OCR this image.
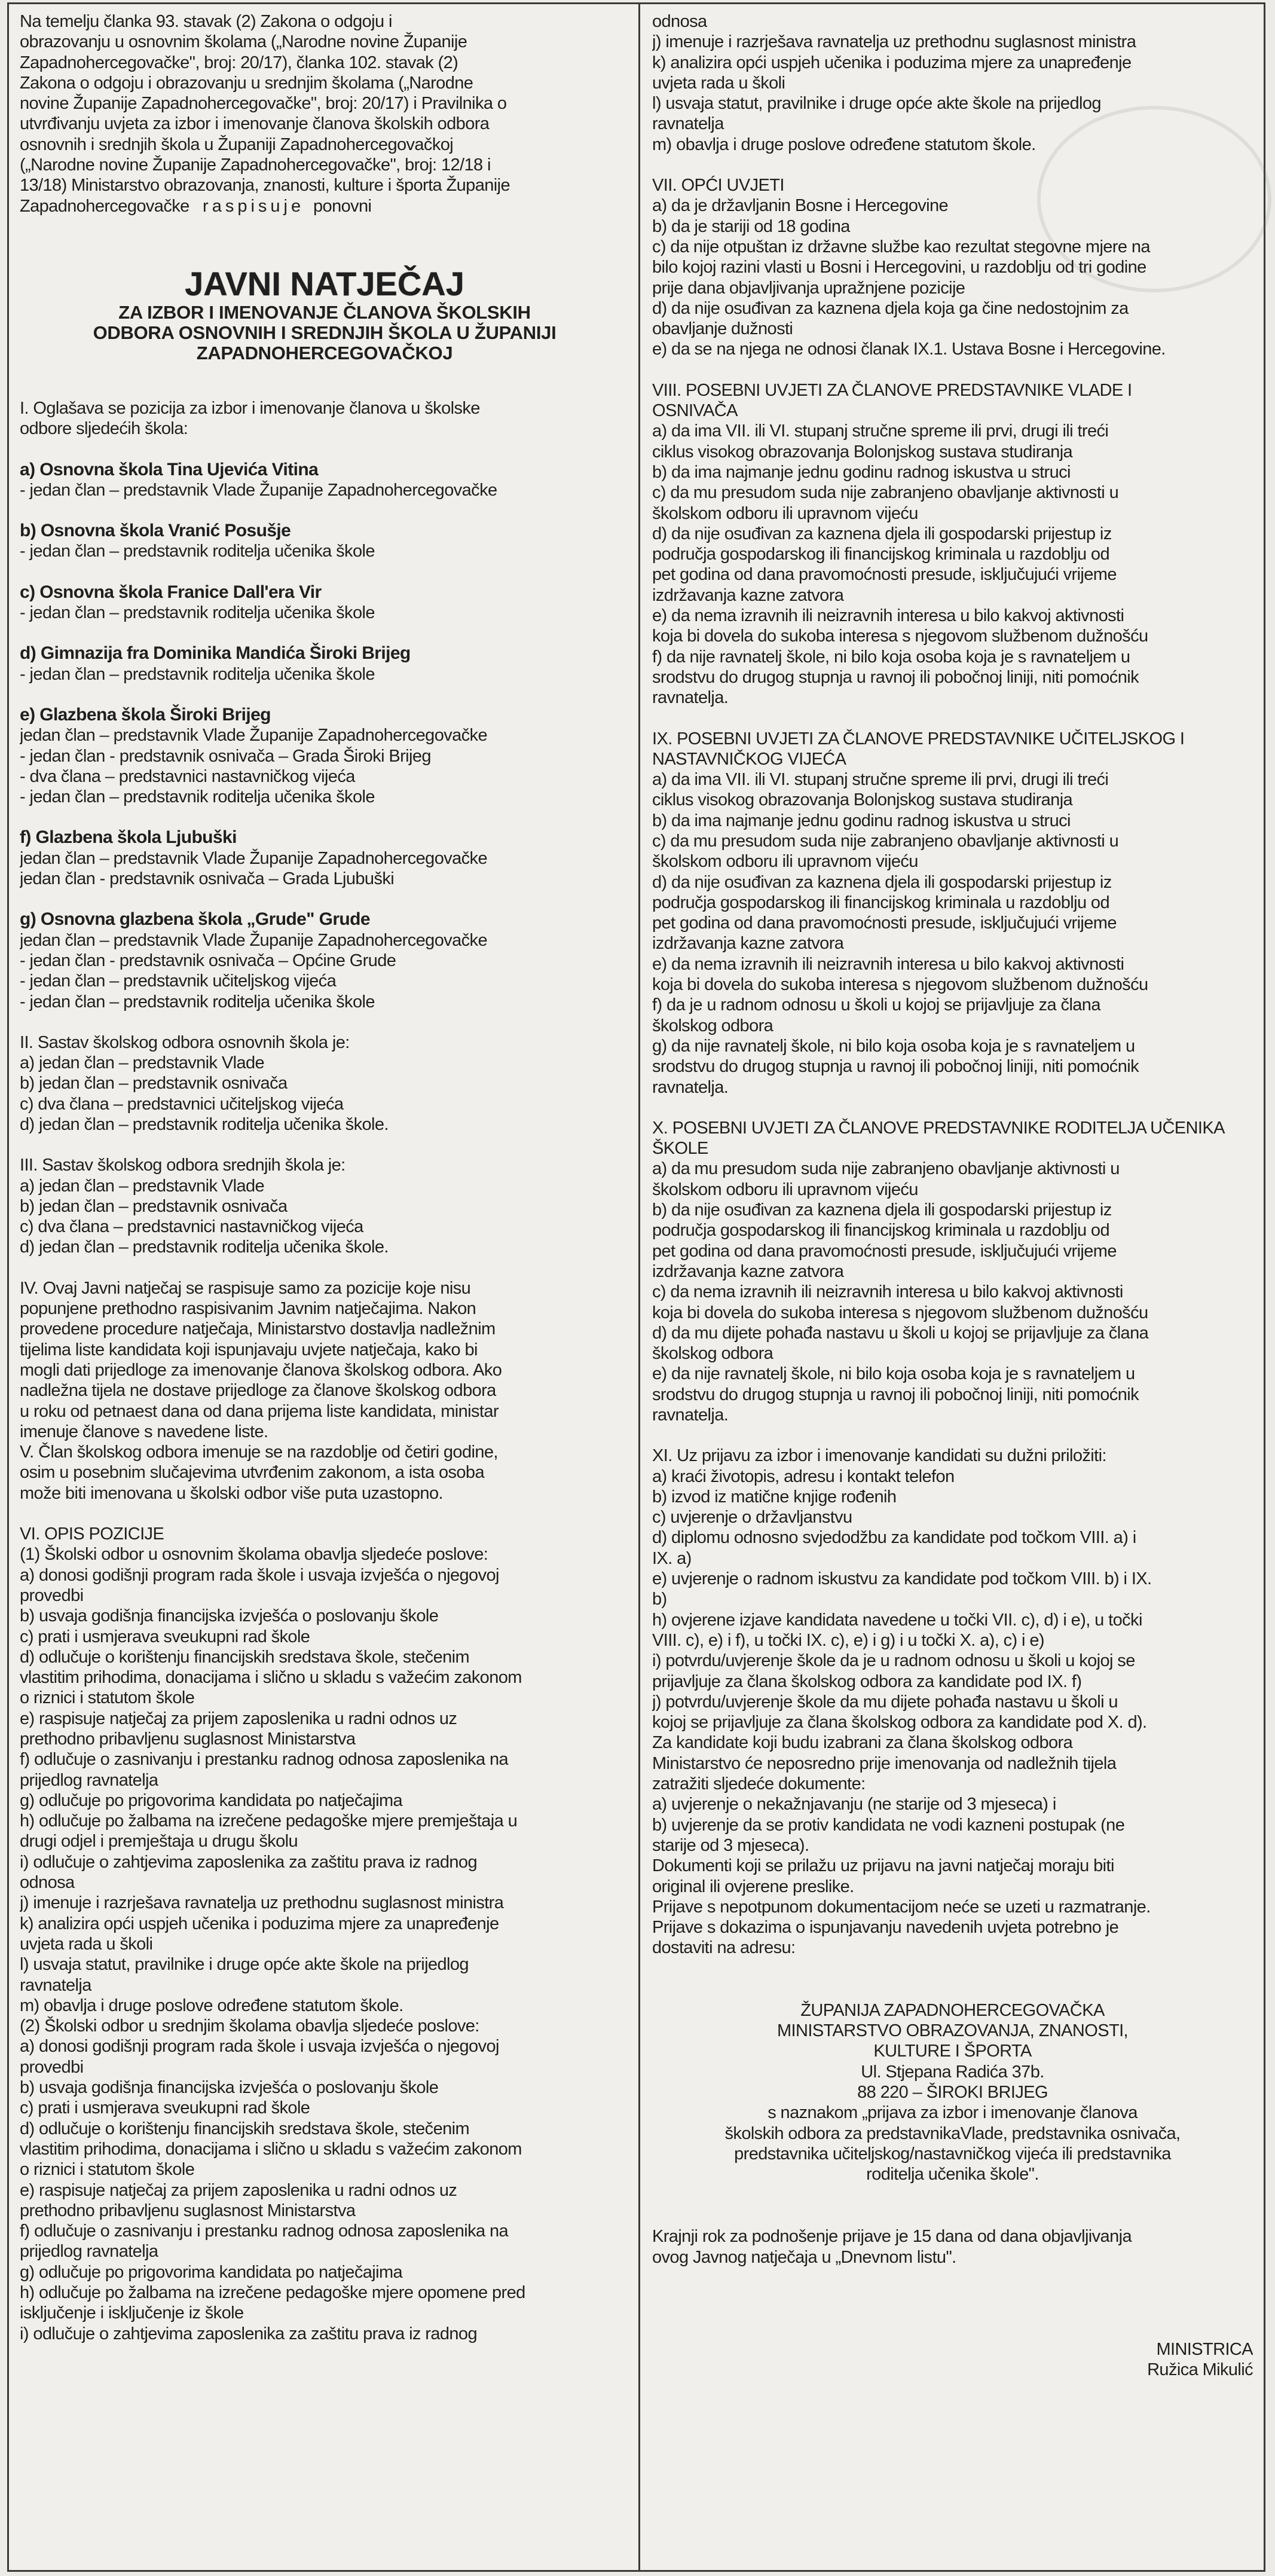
Na temelju članka 93. stavak (2) Zakona o odgoju i

obrazovanju u osnovnim školama („Narodne novine Županije

Zapadnohercegovačke", broj: 20/17), članka 102. stavak (2)

Zakona o odgoju i obrazovanju u srednjim školama („Narodne

novine Županije Zapadnohercegovačke", broj: 20/17) i Pravilnika o

utvrđivanju uvjeta za izbor i imenovanje članova školskih odbora

osnovnih i srednjih škola u Županiji Zapadnohercegovačkoj

(„Narodne novine Županije Zapadnohercegovačke", broj: 12/18 i

13/18) Ministarstvo obrazovanja, znanosti, kulture i športa Županije

Zapadnohercegovačke raspisuje ponovni

JAVNI NATJEČAJ

ZA IZBOR I IMENOVANJE ČLANOVA ŠKOLSKIH

ODBORA OSNOVNIH I SREDNJIH ŠKOLA U ŽUPANIJI

ZAPADNOHERCEGOVAČKOJ

I. Oglašava se pozicija za izbor i imenovanje članova u školske

odbore sljedećih škola:

a) Osnovna škola Tina Ujevića Vitina

- jedan član – predstavnik Vlade Županije Zapadnohercegovačke

b) Osnovna škola Vranić Posušje

- jedan član – predstavnik roditelja učenika škole

c) Osnovna škola Franice Dall'era Vir

- jedan član – predstavnik roditelja učenika škole

d) Gimnazija fra Dominika Mandića Široki Brijeg

- jedan član – predstavnik roditelja učenika škole

e) Glazbena škola Široki Brijeg

jedan član – predstavnik Vlade Županije Zapadnohercegovačke

- jedan član - predstavnik osnivača – Grada Široki Brijeg

- dva člana – predstavnici nastavničkog vijeća

- jedan član – predstavnik roditelja učenika škole

f) Glazbena škola Ljubuški

jedan član – predstavnik Vlade Županije Zapadnohercegovačke

jedan član - predstavnik osnivača – Grada Ljubuški

g) Osnovna glazbena škola „Grude" Grude

jedan član – predstavnik Vlade Županije Zapadnohercegovačke

- jedan član - predstavnik osnivača – Općine Grude

- jedan član – predstavnik učiteljskog vijeća

- jedan član – predstavnik roditelja učenika škole

II. Sastav školskog odbora osnovnih škola je:

a) jedan član – predstavnik Vlade

b) jedan član – predstavnik osnivača

c) dva člana – predstavnici učiteljskog vijeća

d) jedan član – predstavnik roditelja učenika škole.

III. Sastav školskog odbora srednjih škola je:

a) jedan član – predstavnik Vlade

b) jedan član – predstavnik osnivača

c) dva člana – predstavnici nastavničkog vijeća

d) jedan član – predstavnik roditelja učenika škole.

IV. Ovaj Javni natječaj se raspisuje samo za pozicije koje nisu

popunjene prethodno raspisivanim Javnim natječajima. Nakon

provedene procedure natječaja, Ministarstvo dostavlja nadležnim

tijelima liste kandidata koji ispunjavaju uvjete natječaja, kako bi

mogli dati prijedloge za imenovanje članova školskog odbora. Ako

nadležna tijela ne dostave prijedloge za članove školskog odbora

u roku od petnaest dana od dana prijema liste kandidata, ministar

imenuje članove s navedene liste.

V. Član školskog odbora imenuje se na razdoblje od četiri godine,

osim u posebnim slučajevima utvrđenim zakonom, a ista osoba

može biti imenovana u školski odbor više puta uzastopno.

VI. OPIS POZICIJE

(1) Školski odbor u osnovnim školama obavlja sljedeće poslove:

a) donosi godišnji program rada škole i usvaja izvješća o njegovoj

provedbi

b) usvaja godišnja financijska izvješća o poslovanju škole

c) prati i usmjerava sveukupni rad škole

d) odlučuje o korištenju financijskih sredstava škole, stečenim

vlastitim prihodima, donacijama i slično u skladu s važećim zakonom

o riznici i statutom škole

e) raspisuje natječaj za prijem zaposlenika u radni odnos uz

prethodno pribavljenu suglasnost Ministarstva

f) odlučuje o zasnivanju i prestanku radnog odnosa zaposlenika na

prijedlog ravnatelja

g) odlučuje po prigovorima kandidata po natječajima

h) odlučuje po žalbama na izrečene pedagoške mjere premještaja u

drugi odjel i premještaja u drugu školu

i) odlučuje o zahtjevima zaposlenika za zaštitu prava iz radnog

odnosa

j) imenuje i razrješava ravnatelja uz prethodnu suglasnost ministra

k) analizira opći uspjeh učenika i poduzima mjere za unapređenje

uvjeta rada u školi

l) usvaja statut, pravilnike i druge opće akte škole na prijedlog

ravnatelja

m) obavlja i druge poslove određene statutom škole.

(2) Školski odbor u srednjim školama obavlja sljedeće poslove:

a) donosi godišnji program rada škole i usvaja izvješća o njegovoj

provedbi

b) usvaja godišnja financijska izvješća o poslovanju škole

c) prati i usmjerava sveukupni rad škole

d) odlučuje o korištenju financijskih sredstava škole, stečenim

vlastitim prihodima, donacijama i slično u skladu s važećim zakonom

o riznici i statutom škole

e) raspisuje natječaj za prijem zaposlenika u radni odnos uz

prethodno pribavljenu suglasnost Ministarstva

f) odlučuje o zasnivanju i prestanku radnog odnosa zaposlenika na

prijedlog ravnatelja

g) odlučuje po prigovorima kandidata po natječajima

h) odlučuje po žalbama na izrečene pedagoške mjere opomene pred

isključenje i isključenje iz škole

i) odlučuje o zahtjevima zaposlenika za zaštitu prava iz radnog

odnosa

j) imenuje i razrješava ravnatelja uz prethodnu suglasnost ministra

k) analizira opći uspjeh učenika i poduzima mjere za unapređenje

uvjeta rada u školi

l) usvaja statut, pravilnike i druge opće akte škole na prijedlog

ravnatelja

m) obavlja i druge poslove određene statutom škole.

VII. OPĆI UVJETI

a) da je državljanin Bosne i Hercegovine

b) da je stariji od 18 godina

c) da nije otpuštan iz državne službe kao rezultat stegovne mjere na

bilo kojoj razini vlasti u Bosni i Hercegovini, u razdoblju od tri godine

prije dana objavljivanja upražnjene pozicije

d) da nije osuđivan za kaznena djela koja ga čine nedostojnim za

obavljanje dužnosti

e) da se na njega ne odnosi članak IX.1. Ustava Bosne i Hercegovine.

VIII. POSEBNI UVJETI ZA ČLANOVE PREDSTAVNIKE VLADE I

OSNIVAČA

a) da ima VII. ili VI. stupanj stručne spreme ili prvi, drugi ili treći

ciklus visokog obrazovanja Bolonjskog sustava studiranja

b) da ima najmanje jednu godinu radnog iskustva u struci

c) da mu presudom suda nije zabranjeno obavljanje aktivnosti u

školskom odboru ili upravnom vijeću

d) da nije osuđivan za kaznena djela ili gospodarski prijestup iz

područja gospodarskog ili financijskog kriminala u razdoblju od

pet godina od dana pravomoćnosti presude, isključujući vrijeme

izdržavanja kazne zatvora

e) da nema izravnih ili neizravnih interesa u bilo kakvoj aktivnosti

koja bi dovela do sukoba interesa s njegovom službenom dužnošću

f) da nije ravnatelj škole, ni bilo koja osoba koja je s ravnateljem u

srodstvu do drugog stupnja u ravnoj ili pobočnoj liniji, niti pomoćnik

ravnatelja.

IX. POSEBNI UVJETI ZA ČLANOVE PREDSTAVNIKE UČITELJSKOG I

NASTAVNIČKOG VIJEĆA

a) da ima VII. ili VI. stupanj stručne spreme ili prvi, drugi ili treći

ciklus visokog obrazovanja Bolonjskog sustava studiranja

b) da ima najmanje jednu godinu radnog iskustva u struci

c) da mu presudom suda nije zabranjeno obavljanje aktivnosti u

školskom odboru ili upravnom vijeću

d) da nije osuđivan za kaznena djela ili gospodarski prijestup iz

područja gospodarskog ili financijskog kriminala u razdoblju od

pet godina od dana pravomoćnosti presude, isključujući vrijeme

izdržavanja kazne zatvora

e) da nema izravnih ili neizravnih interesa u bilo kakvoj aktivnosti

koja bi dovela do sukoba interesa s njegovom službenom dužnošću

f) da je u radnom odnosu u školi u kojoj se prijavljuje za člana

školskog odbora

g) da nije ravnatelj škole, ni bilo koja osoba koja je s ravnateljem u

srodstvu do drugog stupnja u ravnoj ili pobočnoj liniji, niti pomoćnik

ravnatelja.

X. POSEBNI UVJETI ZA ČLANOVE PREDSTAVNIKE RODITELJA UČENIKA

ŠKOLE

a) da mu presudom suda nije zabranjeno obavljanje aktivnosti u

školskom odboru ili upravnom vijeću

b) da nije osuđivan za kaznena djela ili gospodarski prijestup iz

područja gospodarskog ili financijskog kriminala u razdoblju od

pet godina od dana pravomoćnosti presude, isključujući vrijeme

izdržavanja kazne zatvora

c) da nema izravnih ili neizravnih interesa u bilo kakvoj aktivnosti

koja bi dovela do sukoba interesa s njegovom službenom dužnošću

d) da mu dijete pohađa nastavu u školi u kojoj se prijavljuje za člana

školskog odbora

e) da nije ravnatelj škole, ni bilo koja osoba koja je s ravnateljem u

srodstvu do drugog stupnja u ravnoj ili pobočnoj liniji, niti pomoćnik

ravnatelja.

XI. Uz prijavu za izbor i imenovanje kandidati su dužni priložiti:

a) kraći životopis, adresu i kontakt telefon

b) izvod iz matične knjige rođenih

c) uvjerenje o državljanstvu

d) diplomu odnosno svjedodžbu za kandidate pod točkom VIII. a) i

IX. a)

e) uvjerenje o radnom iskustvu za kandidate pod točkom VIII. b) i IX.

b)

h) ovjerene izjave kandidata navedene u točki VII. c), d) i e), u točki

VIII. c), e) i f), u točki IX. c), e) i g) i u točki X. a), c) i e)

i) potvrdu/uvjerenje škole da je u radnom odnosu u školi u kojoj se

prijavljuje za člana školskog odbora za kandidate pod IX. f)

j) potvrdu/uvjerenje škole da mu dijete pohađa nastavu u školi u

kojoj se prijavljuje za člana školskog odbora za kandidate pod X. d).

Za kandidate koji budu izabrani za člana školskog odbora

Ministarstvo će neposredno prije imenovanja od nadležnih tijela

zatražiti sljedeće dokumente:

a) uvjerenje o nekažnjavanju (ne starije od 3 mjeseca) i

b) uvjerenje da se protiv kandidata ne vodi kazneni postupak (ne

starije od 3 mjeseca).

Dokumenti koji se prilažu uz prijavu na javni natječaj moraju biti

original ili ovjerene preslike.

Prijave s nepotpunom dokumentacijom neće se uzeti u razmatranje.

Prijave s dokazima o ispunjavanju navedenih uvjeta potrebno je

dostaviti na adresu:

ŽUPANIJA ZAPADNOHERCEGOVAČKA

MINISTARSTVO OBRAZOVANJA, ZNANOSTI,

KULTURE I ŠPORTA

Ul. Stjepana Radića 37b.

88 220 – ŠIROKI BRIJEG

s naznakom „prijava za izbor i imenovanje članova

školskih odbora za predstavnikaVlade, predstavnika osnivača,

predstavnika učiteljskog/nastavničkog vijeća ili predstavnika

roditelja učenika škole".

Krajnji rok za podnošenje prijave je 15 dana od dana objavljivanja

ovog Javnog natječaja u „Dnevnom listu".

MINISTRICA

Ružica Mikulić
